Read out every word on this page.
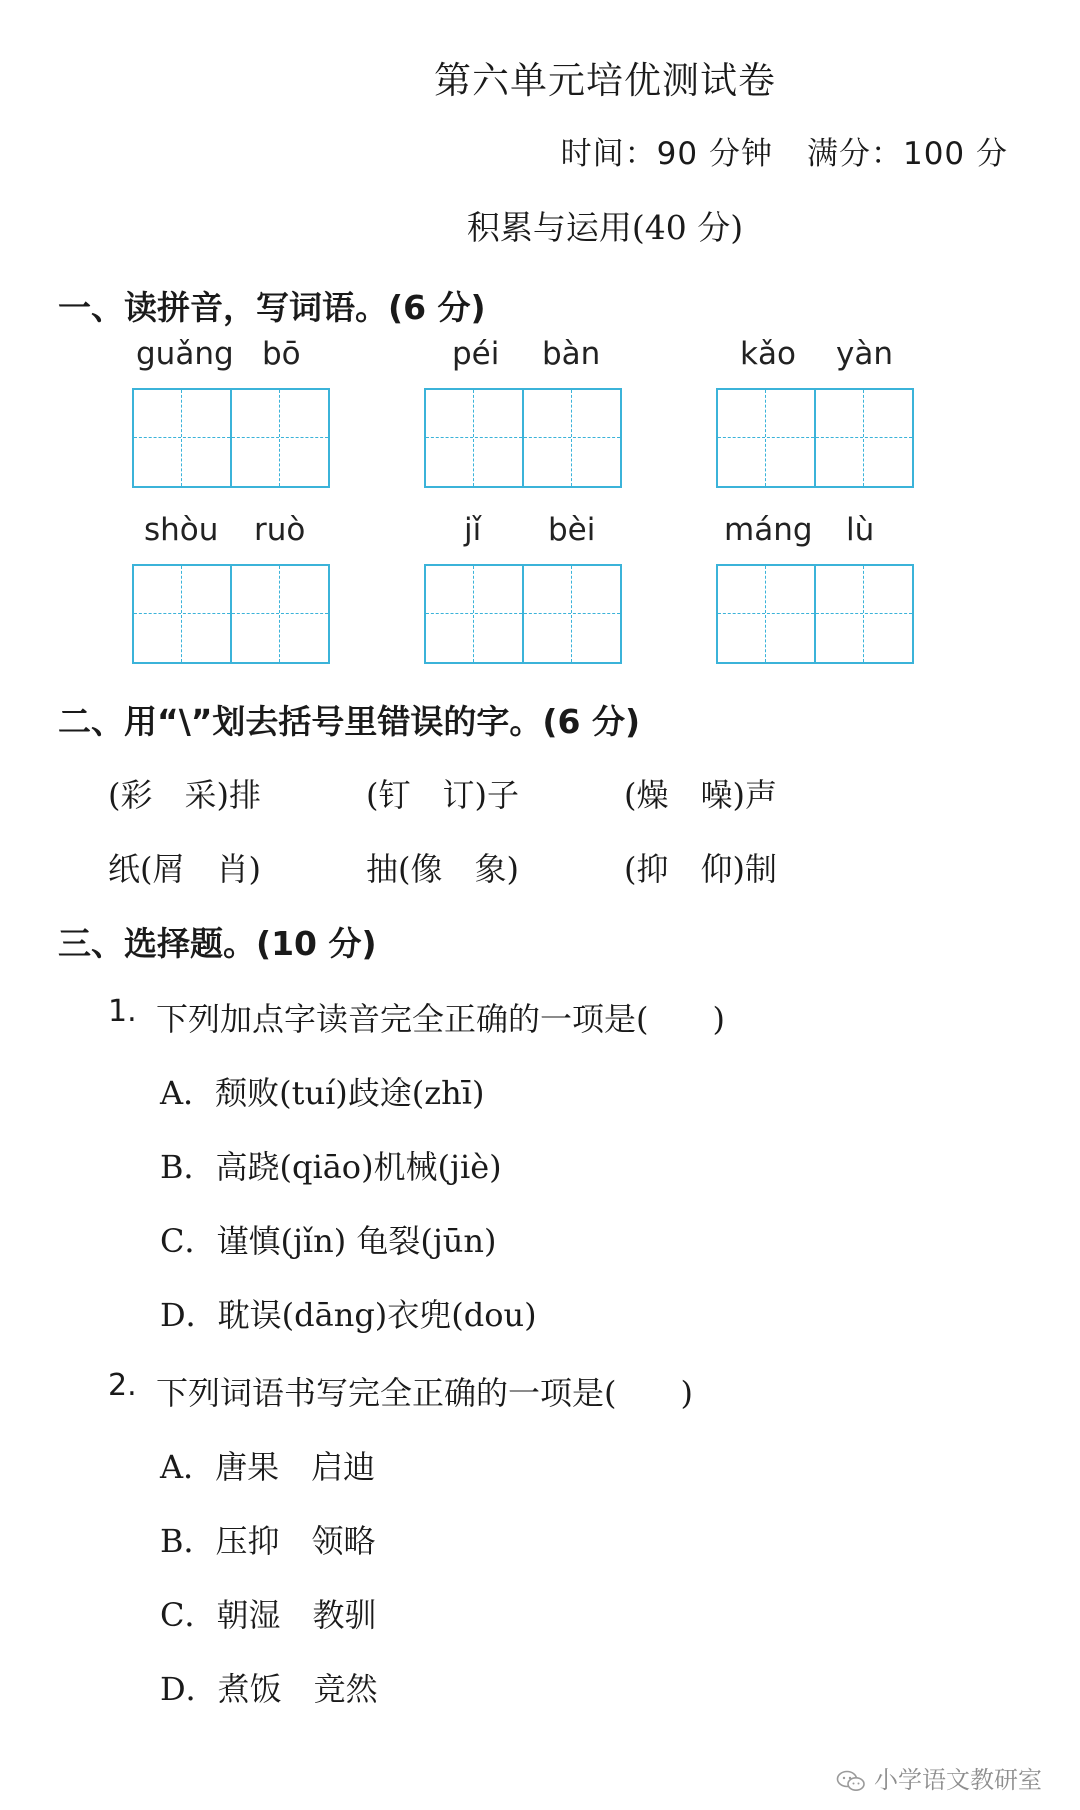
第六单元培优测试卷
时间：90 分钟 满分：100 分
积累与运用(40 分)
一、读拼音，写词语。(6 分)
guǎng bō	péi bàn	kǎo yàn
shòu ruò	jǐ bèi	máng lù
二、用“\”划去括号里错误的字。(6 分)
(彩　采)排	(钉　订)子	(燥　噪)声
纸(屑　肖)	抽(像　象)	(抑　仰)制
三、选择题。(10 分)
1. 下列加点字读音完全正确的一项是(　　)
A．颓败(tuí)歧途(zhī)
B．高跷(qiāo)机械(jiè)
C．谨慎(jǐn) 龟裂(jūn)
D．耽误(dāng)衣兜(dou)
2. 下列词语书写完全正确的一项是(　　)
A．唐果　启迪
B．压抑　领略
C．朝湿　教驯
D．煮饭　竞然
小学语文教研室
